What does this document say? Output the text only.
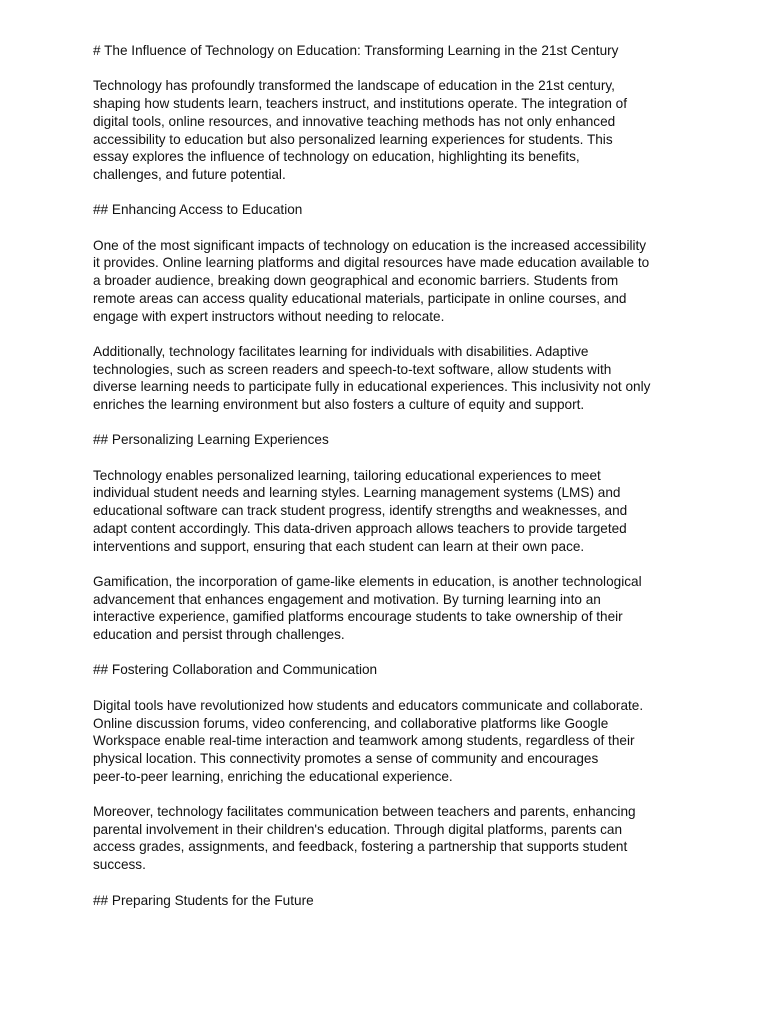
# The Influence of Technology on Education: Transforming Learning in the 21st Century
Technology has profoundly transformed the landscape of education in the 21st century,
shaping how students learn, teachers instruct, and institutions operate. The integration of
digital tools, online resources, and innovative teaching methods has not only enhanced
accessibility to education but also personalized learning experiences for students. This
essay explores the influence of technology on education, highlighting its benefits,
challenges, and future potential.
## Enhancing Access to Education
One of the most significant impacts of technology on education is the increased accessibility
it provides. Online learning platforms and digital resources have made education available to
a broader audience, breaking down geographical and economic barriers. Students from
remote areas can access quality educational materials, participate in online courses, and
engage with expert instructors without needing to relocate.
Additionally, technology facilitates learning for individuals with disabilities. Adaptive
technologies, such as screen readers and speech-to-text software, allow students with
diverse learning needs to participate fully in educational experiences. This inclusivity not only
enriches the learning environment but also fosters a culture of equity and support.
## Personalizing Learning Experiences
Technology enables personalized learning, tailoring educational experiences to meet
individual student needs and learning styles. Learning management systems (LMS) and
educational software can track student progress, identify strengths and weaknesses, and
adapt content accordingly. This data-driven approach allows teachers to provide targeted
interventions and support, ensuring that each student can learn at their own pace.
Gamification, the incorporation of game-like elements in education, is another technological
advancement that enhances engagement and motivation. By turning learning into an
interactive experience, gamified platforms encourage students to take ownership of their
education and persist through challenges.
## Fostering Collaboration and Communication
Digital tools have revolutionized how students and educators communicate and collaborate.
Online discussion forums, video conferencing, and collaborative platforms like Google
Workspace enable real-time interaction and teamwork among students, regardless of their
physical location. This connectivity promotes a sense of community and encourages
peer-to-peer learning, enriching the educational experience.
Moreover, technology facilitates communication between teachers and parents, enhancing
parental involvement in their children's education. Through digital platforms, parents can
access grades, assignments, and feedback, fostering a partnership that supports student
success.
## Preparing Students for the Future
